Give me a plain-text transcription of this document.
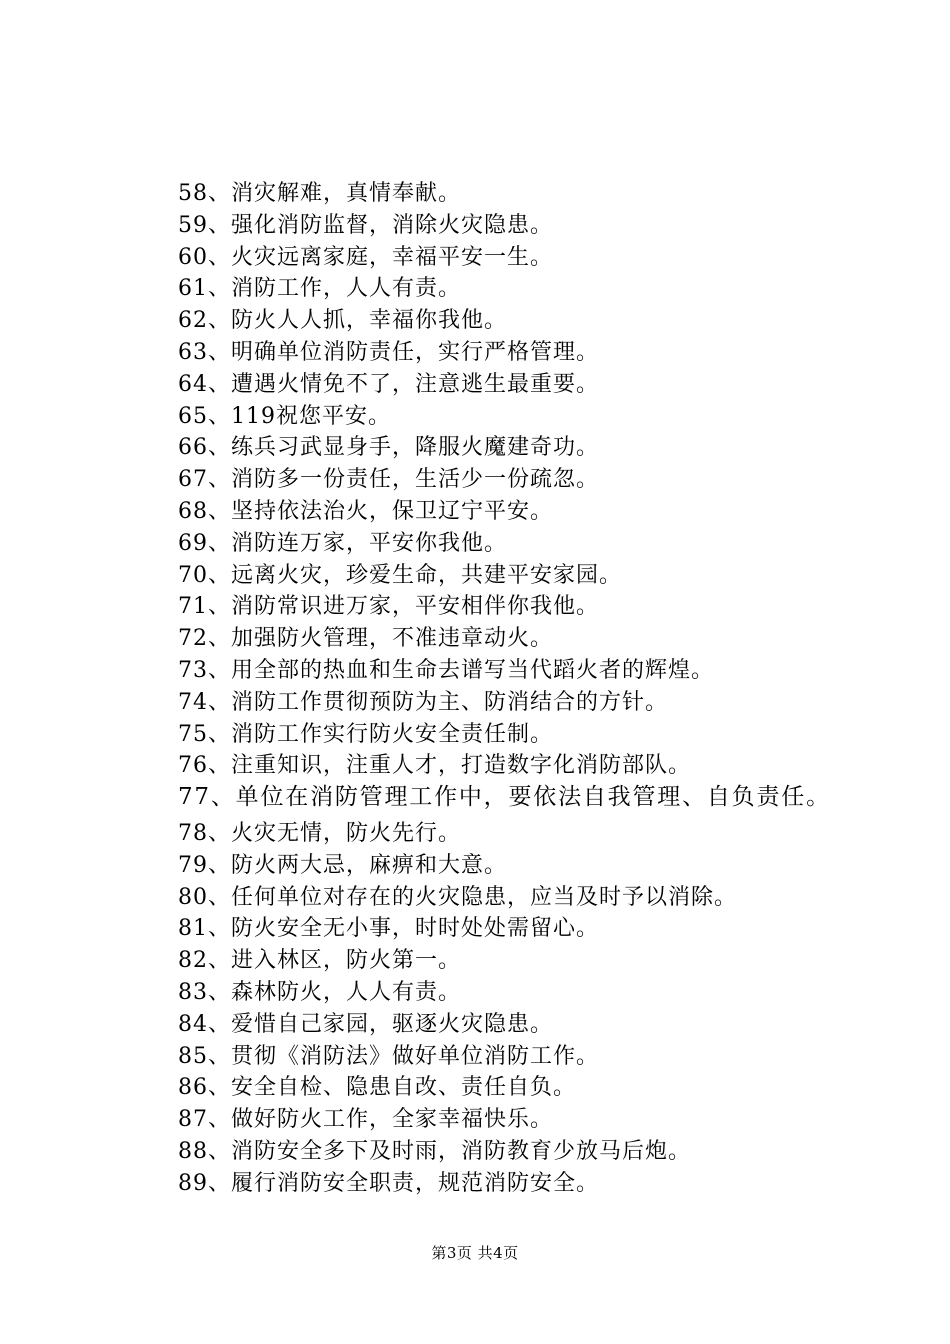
58、消灾解难，真情奉献。
59、强化消防监督，消除火灾隐患。
60、火灾远离家庭，幸福平安一生。
61、消防工作，人人有责。
62、防火人人抓，幸福你我他。
63、明确单位消防责任，实行严格管理。
64、遭遇火情免不了，注意逃生最重要。
65、119祝您平安。
66、练兵习武显身手，降服火魔建奇功。
67、消防多一份责任，生活少一份疏忽。
68、坚持依法治火，保卫辽宁平安。
69、消防连万家，平安你我他。
70、远离火灾，珍爱生命，共建平安家园。
71、消防常识进万家，平安相伴你我他。
72、加强防火管理，不准违章动火。
73、用全部的热血和生命去谱写当代蹈火者的辉煌。
74、消防工作贯彻预防为主、防消结合的方针。
75、消防工作实行防火安全责任制。
76、注重知识，注重人才，打造数字化消防部队。
77、单位在消防管理工作中，要依法自我管理、自负责任。
78、火灾无情，防火先行。
79、防火两大忌，麻痹和大意。
80、任何单位对存在的火灾隐患，应当及时予以消除。
81、防火安全无小事，时时处处需留心。
82、进入林区，防火第一。
83、森林防火，人人有责。
84、爱惜自己家园，驱逐火灾隐患。
85、贯彻《消防法》做好单位消防工作。
86、安全自检、隐患自改、责任自负。
87、做好防火工作，全家幸福快乐。
88、消防安全多下及时雨，消防教育少放马后炮。
89、履行消防安全职责，规范消防安全。
第3页 共4页
